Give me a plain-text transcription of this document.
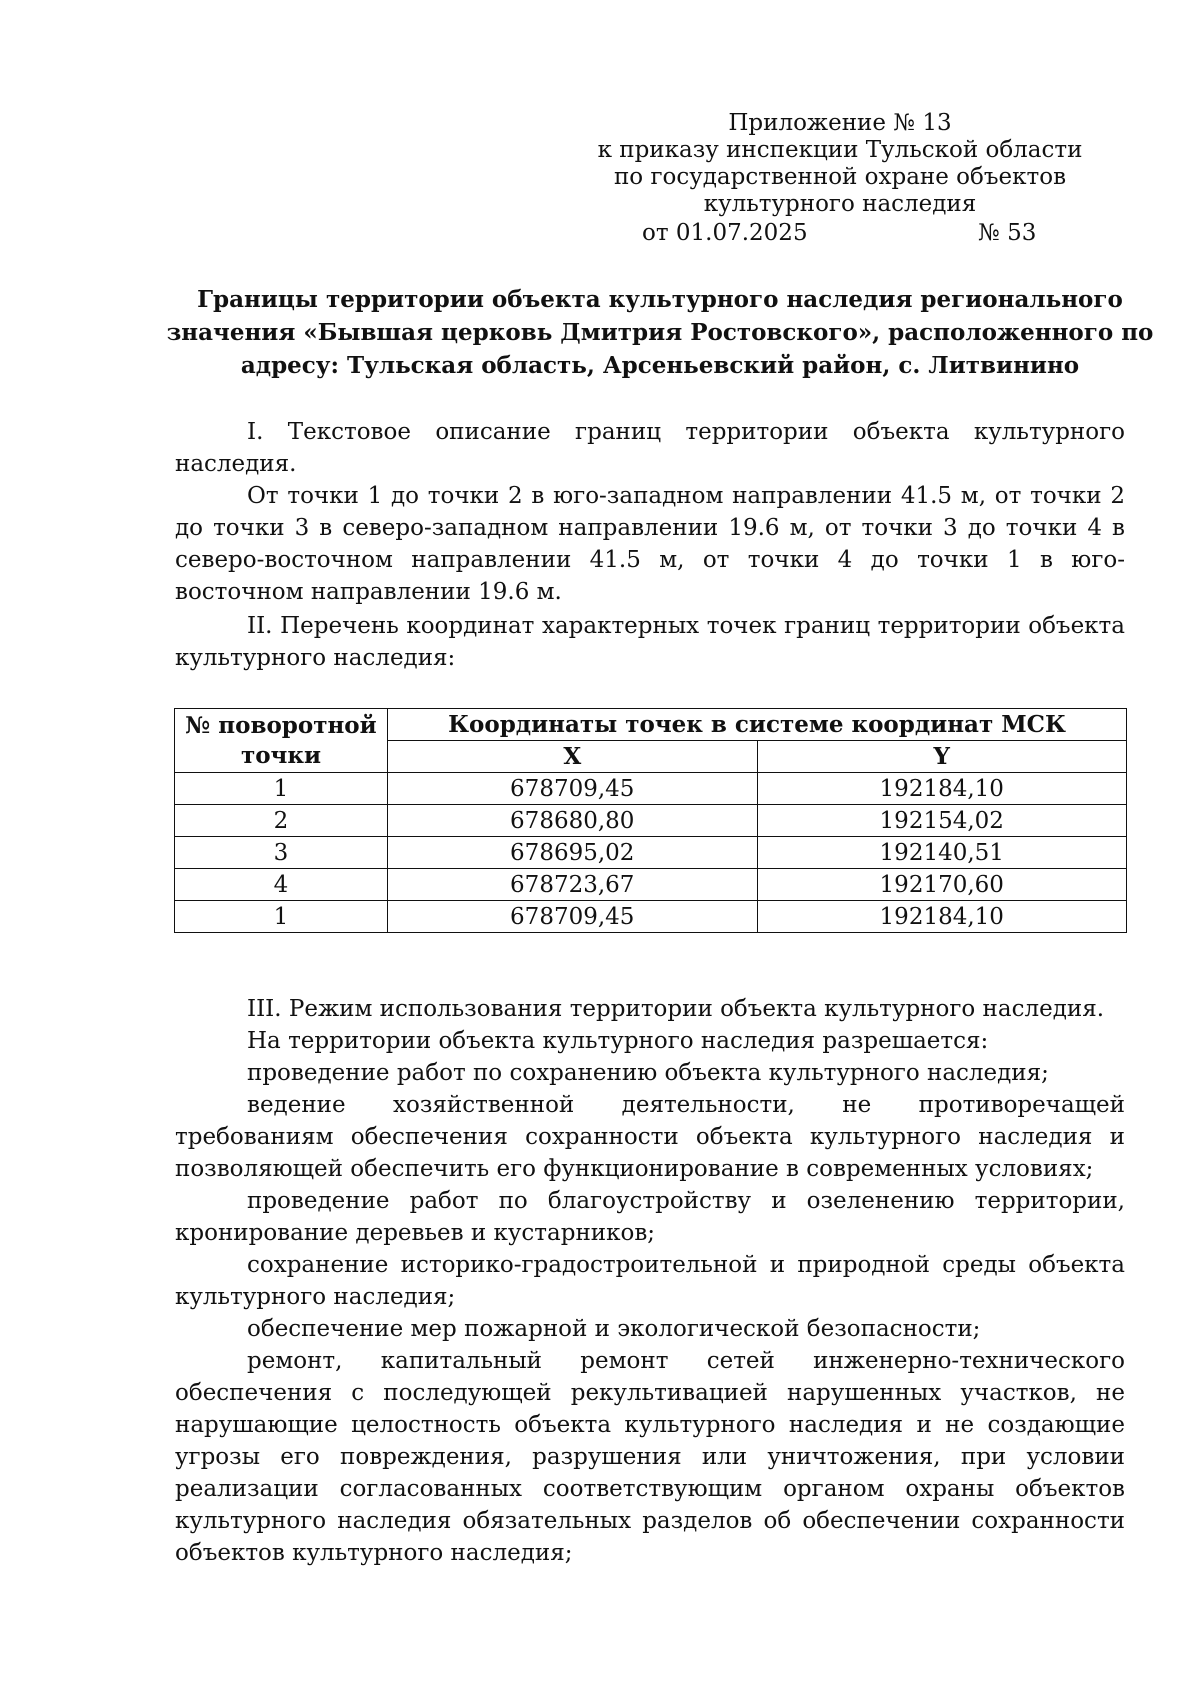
Приложение № 13
к приказу инспекции Тульской области
по государственной охране объектов
культурного наследия
от 01.07.2025	№ 53
Границы территории объекта культурного наследия регионального
значения «Бывшая церковь Дмитрия Ростовского», расположенного по
адресу: Тульская область, Арсеньевский район, с. Литвинино

I. Текстовое описание границ территории объекта культурного наследия.

От точки 1 до точки 2 в юго-западном направлении 41.5 м, от точки 2 до точки 3 в северо-западном направлении 19.6 м, от точки 3 до точки 4 в северо-восточном направлении 41.5 м, от точки 4 до точки 1 в юго-восточном направлении 19.6 м.

II. Перечень координат характерных точек границ территории объекта культурного наследия:

№ поворотной точки	Координаты точек в системе координат МСК	
	X	Y
1	678709,45	192184,10
2	678680,80	192154,02
3	678695,02	192140,51
4	678723,67	192170,60
1	678709,45	192184,10

III. Режим использования территории объекта культурного наследия.

На территории объекта культурного наследия разрешается:

проведение работ по сохранению объекта культурного наследия;

ведение хозяйственной деятельности, не противоречащей требованиям обеспечения сохранности объекта культурного наследия и позволяющей обеспечить его функционирование в современных условиях;

проведение работ по благоустройству и озеленению территории, кронирование деревьев и кустарников;

сохранение историко-градостроительной и природной среды объекта культурного наследия;

обеспечение мер пожарной и экологической безопасности;

ремонт, капитальный ремонт сетей инженерно-технического обеспечения с последующей рекультивацией нарушенных участков, не нарушающие целостность объекта культурного наследия и не создающие угрозы его повреждения, разрушения или уничтожения, при условии реализации согласованных соответствующим органом охраны объектов культурного наследия обязательных разделов об обеспечении сохранности объектов культурного наследия;
